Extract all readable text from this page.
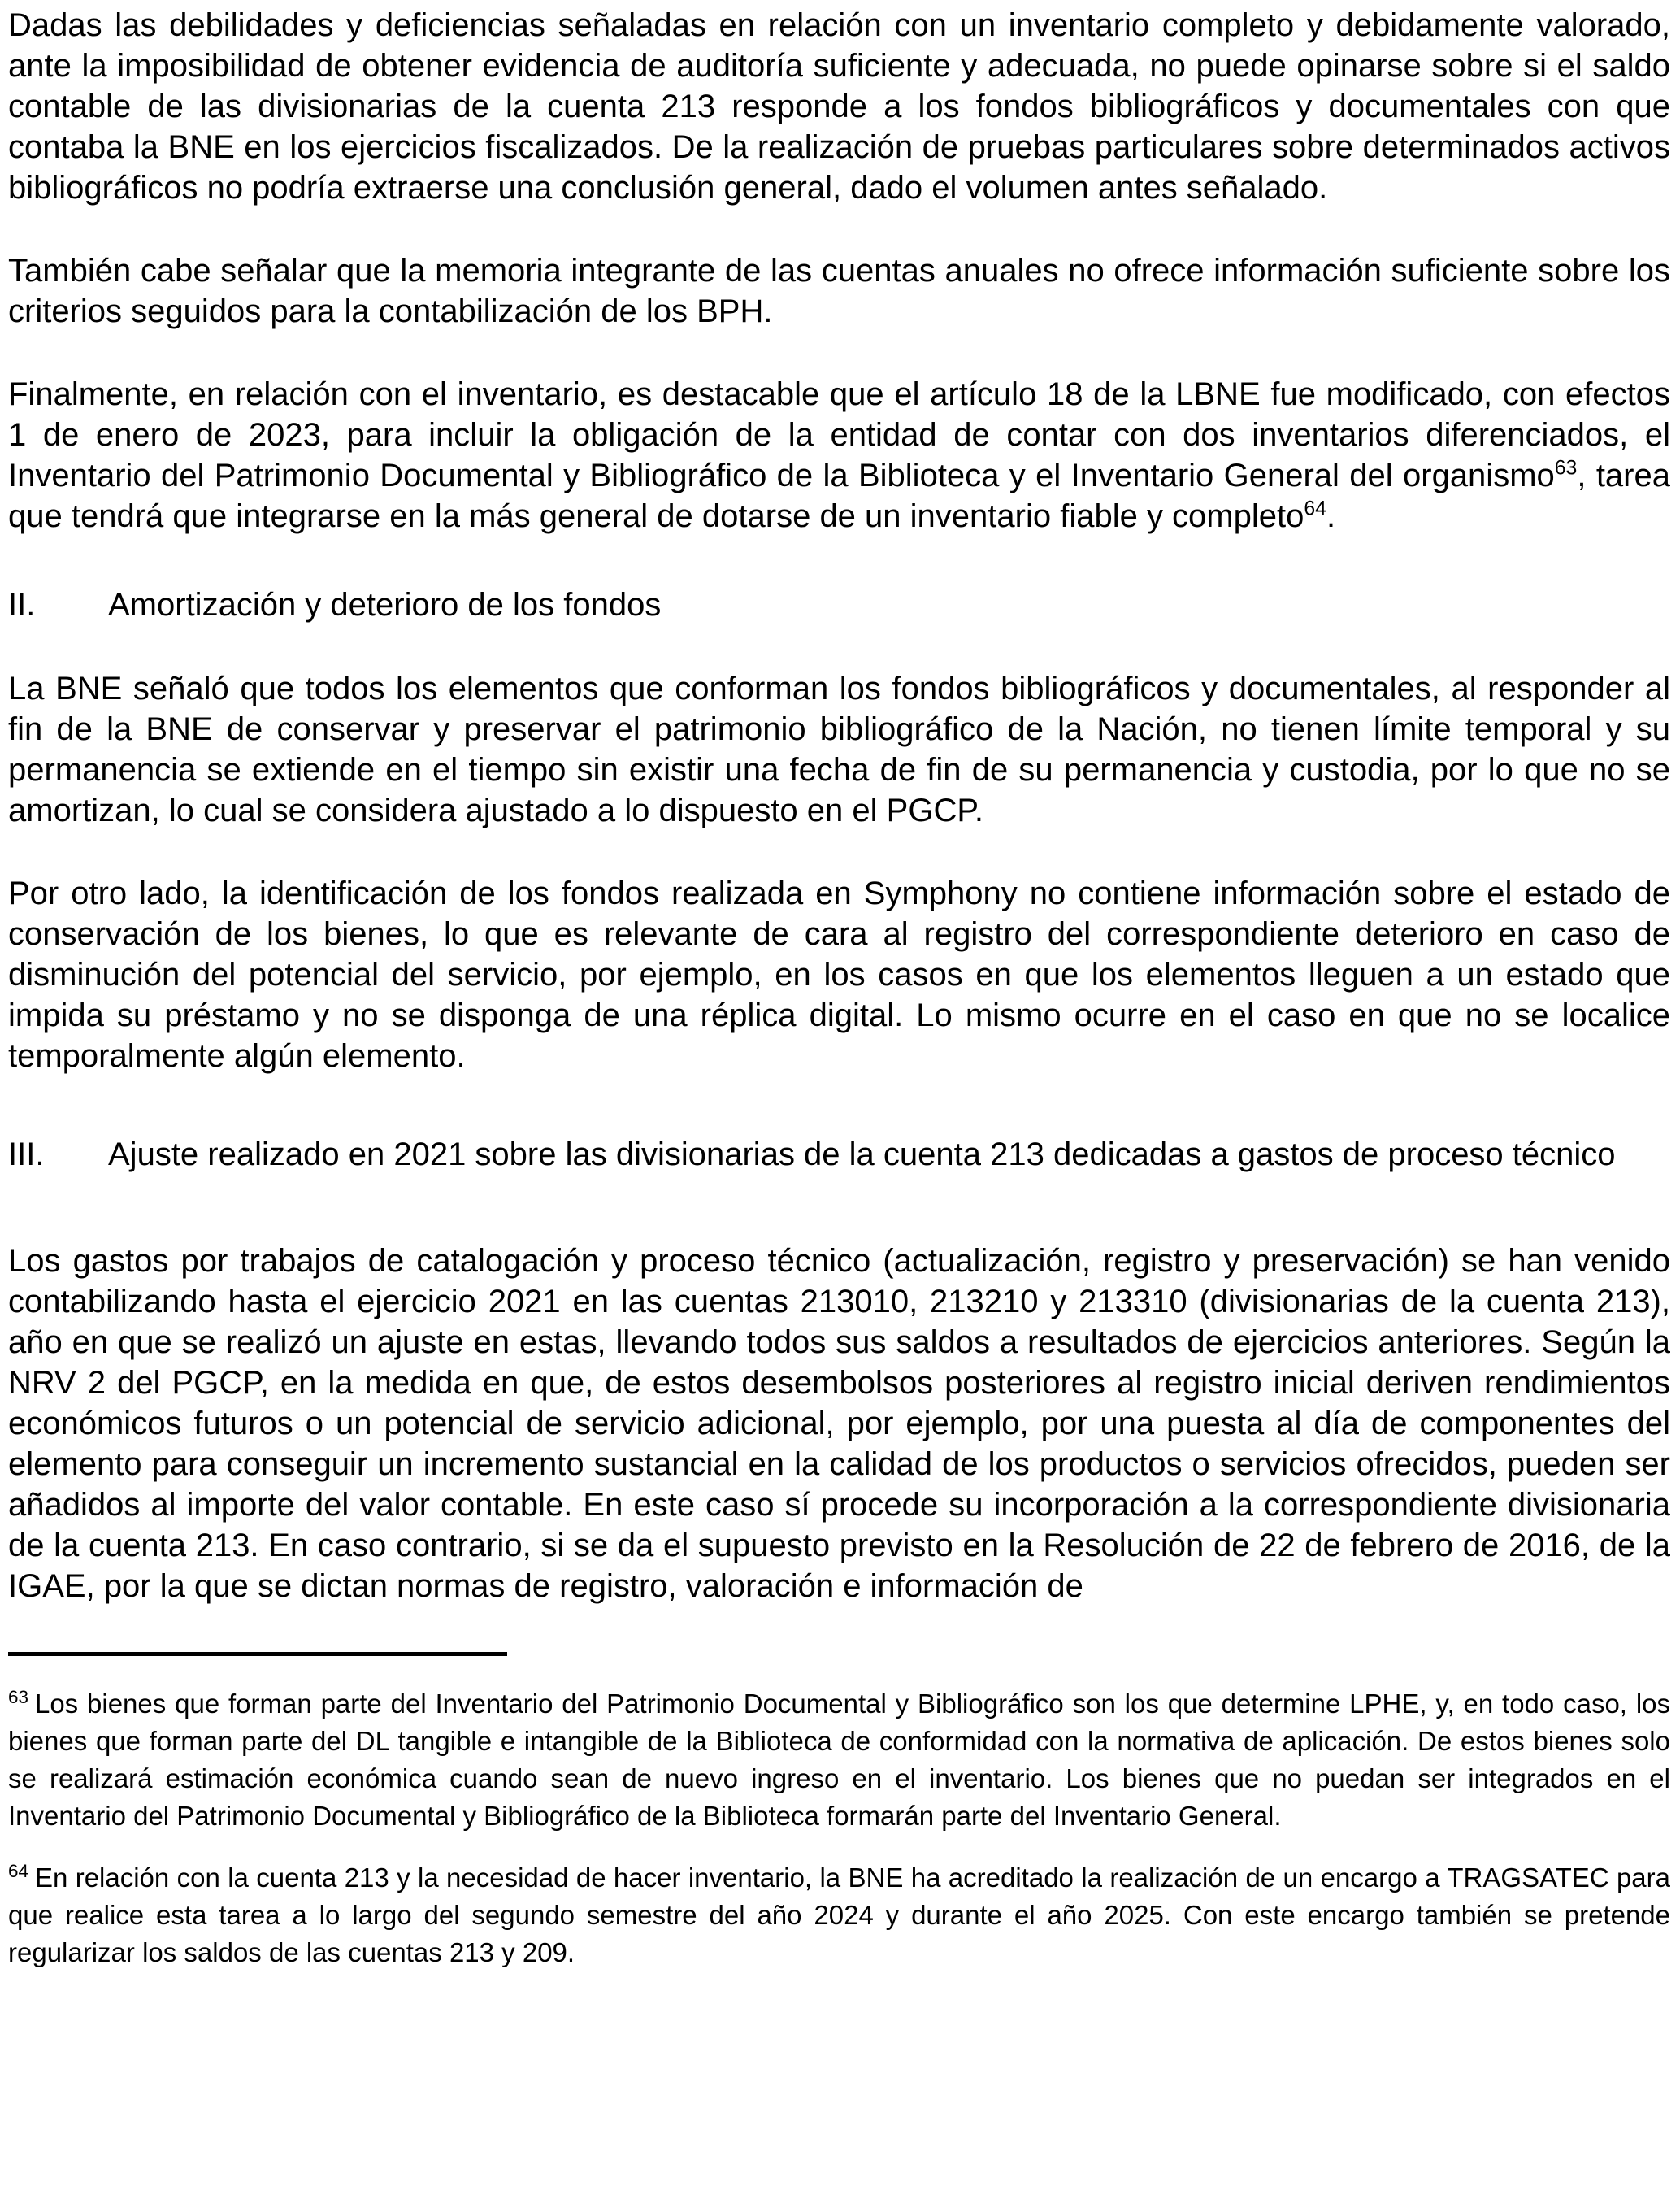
Dadas las debilidades y deficiencias señaladas en relación con un inventario completo y debidamente valorado, ante la imposibilidad de obtener evidencia de auditoría suficiente y adecuada, no puede opinarse sobre si el saldo contable de las divisionarias de la cuenta 213 responde a los fondos bibliográficos y documentales con que contaba la BNE en los ejercicios fiscalizados. De la realización de pruebas particulares sobre determinados activos bibliográficos no podría extraerse una conclusión general, dado el volumen antes señalado.

También cabe señalar que la memoria integrante de las cuentas anuales no ofrece información suficiente sobre los criterios seguidos para la contabilización de los BPH.

Finalmente, en relación con el inventario, es destacable que el artículo 18 de la LBNE fue modificado, con efectos 1 de enero de 2023, para incluir la obligación de la entidad de contar con dos inventarios diferenciados, el Inventario del Patrimonio Documental y Bibliográfico de la Biblioteca y el Inventario General del organismo$^{63}$, tarea que tendrá que integrarse en la más general de dotarse de un inventario fiable y completo$^{64}$.

II.	Amortización y deterioro de los fondos

La BNE señaló que todos los elementos que conforman los fondos bibliográficos y documentales, al responder al fin de la BNE de conservar y preservar el patrimonio bibliográfico de la Nación, no tienen límite temporal y su permanencia se extiende en el tiempo sin existir una fecha de fin de su permanencia y custodia, por lo que no se amortizan, lo cual se considera ajustado a lo dispuesto en el PGCP.

Por otro lado, la identificación de los fondos realizada en Symphony no contiene información sobre el estado de conservación de los bienes, lo que es relevante de cara al registro del correspondiente deterioro en caso de disminución del potencial del servicio, por ejemplo, en los casos en que los elementos lleguen a un estado que impida su préstamo y no se disponga de una réplica digital. Lo mismo ocurre en el caso en que no se localice temporalmente algún elemento.

III.	Ajuste realizado en 2021 sobre las divisionarias de la cuenta 213 dedicadas a gastos de proceso técnico

Los gastos por trabajos de catalogación y proceso técnico (actualización, registro y preservación) se han venido contabilizando hasta el ejercicio 2021 en las cuentas 213010, 213210 y 213310 (divisionarias de la cuenta 213), año en que se realizó un ajuste en estas, llevando todos sus saldos a resultados de ejercicios anteriores. Según la NRV 2 del PGCP, en la medida en que, de estos desembolsos posteriores al registro inicial deriven rendimientos económicos futuros o un potencial de servicio adicional, por ejemplo, por una puesta al día de componentes del elemento para conseguir un incremento sustancial en la calidad de los productos o servicios ofrecidos, pueden ser añadidos al importe del valor contable. En este caso sí procede su incorporación a la correspondiente divisionaria de la cuenta 213. En caso contrario, si se da el supuesto previsto en la Resolución de 22 de febrero de 2016, de la IGAE, por la que se dictan normas de registro, valoración e información de

$^{63}$ Los bienes que forman parte del Inventario del Patrimonio Documental y Bibliográfico son los que determine LPHE, y, en todo caso, los bienes que forman parte del DL tangible e intangible de la Biblioteca de conformidad con la normativa de aplicación. De estos bienes solo se realizará estimación económica cuando sean de nuevo ingreso en el inventario. Los bienes que no puedan ser integrados en el Inventario del Patrimonio Documental y Bibliográfico de la Biblioteca formarán parte del Inventario General.
$^{64}$ En relación con la cuenta 213 y la necesidad de hacer inventario, la BNE ha acreditado la realización de un encargo a TRAGSATEC para que realice esta tarea a lo largo del segundo semestre del año 2024 y durante el año 2025. Con este encargo también se pretende regularizar los saldos de las cuentas 213 y 209.
